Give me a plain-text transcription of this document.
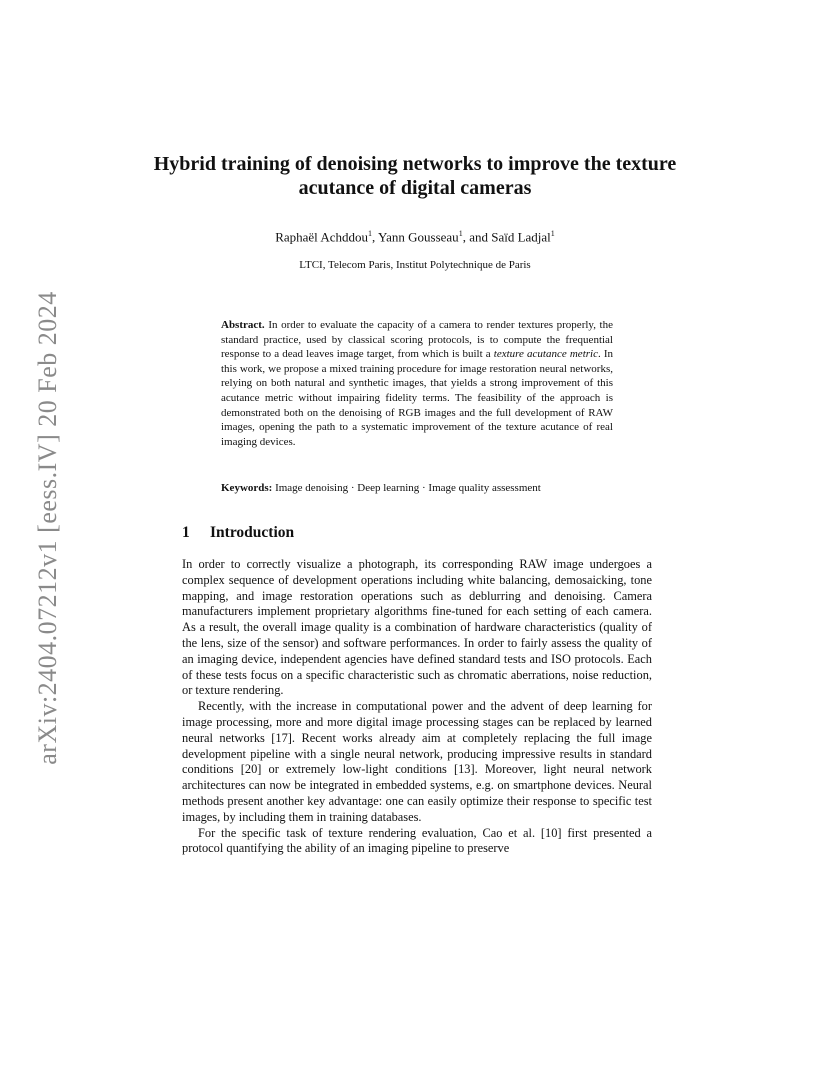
arXiv:2404.07212v1 [eess.IV] 20 Feb 2024
Hybrid training of denoising networks to improve the texture acutance of digital cameras
Raphaël Achddou$^1$, Yann Gousseau$^1$, and Saïd Ladjal$^1$
LTCI, Telecom Paris, Institut Polytechnique de Paris
Abstract. In order to evaluate the capacity of a camera to render textures properly, the standard practice, used by classical scoring protocols, is to compute the frequential response to a dead leaves image target, from which is built a texture acutance metric. In this work, we propose a mixed training procedure for image restoration neural networks, relying on both natural and synthetic images, that yields a strong improvement of this acutance metric without impairing fidelity terms. The feasibility of the approach is demonstrated both on the denoising of RGB images and the full development of RAW images, opening the path to a systematic improvement of the texture acutance of real imaging devices.
Keywords: Image denoising · Deep learning · Image quality assessment
1 Introduction

In order to correctly visualize a photograph, its corresponding RAW image undergoes a complex sequence of development operations including white balancing, demosaicking, tone mapping, and image restoration operations such as deblurring and denoising. Camera manufacturers implement proprietary algorithms fine-tuned for each setting of each camera. As a result, the overall image quality is a combination of hardware characteristics (quality of the lens, size of the sensor) and software performances. In order to fairly assess the quality of an imaging device, independent agencies have defined standard tests and ISO protocols. Each of these tests focus on a specific characteristic such as chromatic aberrations, noise reduction, or texture rendering.

Recently, with the increase in computational power and the advent of deep learning for image processing, more and more digital image processing stages can be replaced by learned neural networks [17]. Recent works already aim at completely replacing the full image development pipeline with a single neural network, producing impressive results in standard conditions [20] or extremely low-light conditions [13]. Moreover, light neural network architectures can now be integrated in embedded systems, e.g. on smartphone devices. Neural methods present another key advantage: one can easily optimize their response to specific test images, by including them in training databases.

For the specific task of texture rendering evaluation, Cao et al. [10] first presented a protocol quantifying the ability of an imaging pipeline to preserve
